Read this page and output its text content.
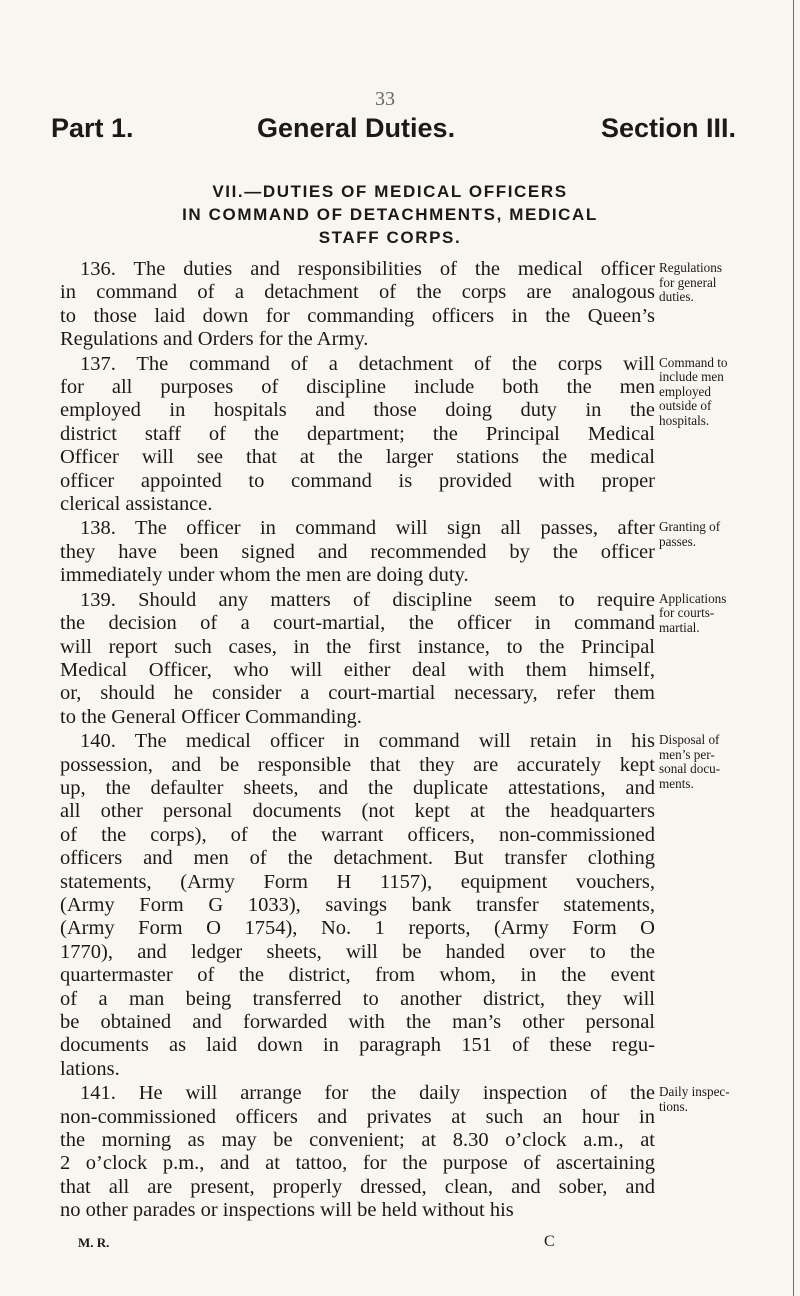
33
Part 1.	General Duties.	Section III.
VII.—DUTIES OF MEDICAL OFFICERS
IN COMMAND OF DETACHMENTS, MEDICAL
STAFF CORPS.
136. The duties and responsibilities of the medical officer
in command of a detachment of the corps are analogous
to those laid down for commanding officers in the Queen’s
Regulations and Orders for the Army.
137. The command of a detachment of the corps will
for all purposes of discipline include both the men
employed in hospitals and those doing duty in the
district staff of the department; the Principal Medical
Officer will see that at the larger stations the medical
officer appointed to command is provided with proper
clerical assistance.
138. The officer in command will sign all passes, after
they have been signed and recommended by the officer
immediately under whom the men are doing duty.
139. Should any matters of discipline seem to require
the decision of a court-martial, the officer in command
will report such cases, in the first instance, to the Principal
Medical Officer, who will either deal with them himself,
or, should he consider a court-martial necessary, refer them
to the General Officer Commanding.
140. The medical officer in command will retain in his
possession, and be responsible that they are accurately kept
up, the defaulter sheets, and the duplicate attestations, and
all other personal documents (not kept at the headquarters
of the corps), of the warrant officers, non-commissioned
officers and men of the detachment. But transfer clothing
statements, (Army Form H 1157), equipment vouchers,
(Army Form G 1033), savings bank transfer statements,
(Army Form O 1754), No. 1 reports, (Army Form O
1770), and ledger sheets, will be handed over to the
quartermaster of the district, from whom, in the event
of a man being transferred to another district, they will
be obtained and forwarded with the man’s other personal
documents as laid down in paragraph 151 of these regu-
lations.
141. He will arrange for the daily inspection of the
non-commissioned officers and privates at such an hour in
the morning as may be convenient; at 8.30 o’clock a.m., at
2 o’clock p.m., and at tattoo, for the purpose of ascertaining
that all are present, properly dressed, clean, and sober, and
no other parades or inspections will be held without his
Regulations
for general
duties.
Command to
include men
employed
outside of
hospitals.
Granting of
passes.
Applications
for courts-
martial.
Disposal of
men’s per-
sonal docu-
ments.
Daily inspec-
tions.
M. R.	C
